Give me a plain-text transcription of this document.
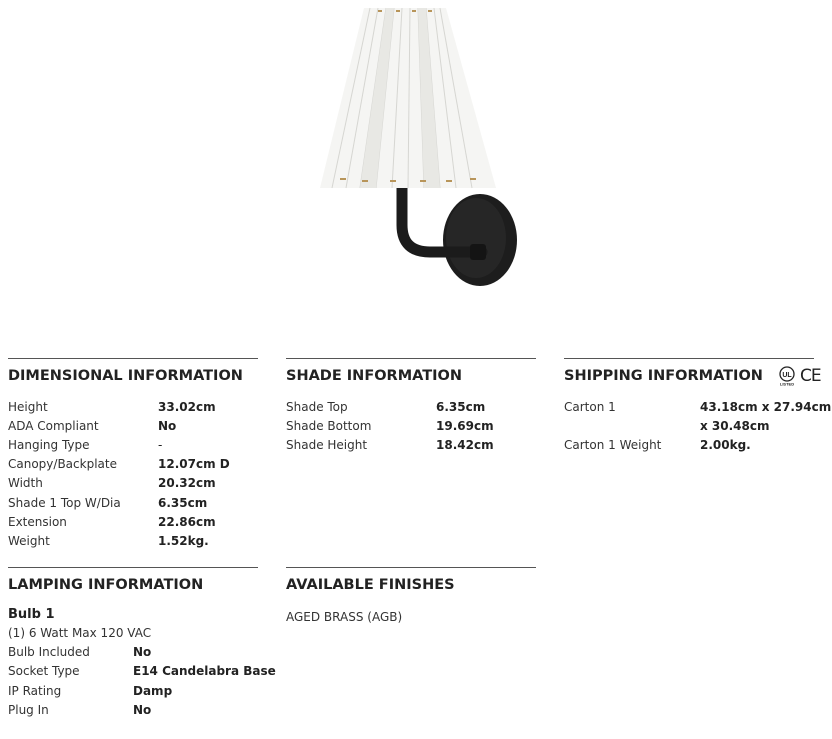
DIMENSIONAL INFORMATION
Height	33.02cm
ADA Compliant	No
Hanging Type	-
Canopy/Backplate	12.07cm D
Width	20.32cm
Shade 1 Top W/Dia	6.35cm
Extension	22.86cm
Weight	1.52kg.
SHADE INFORMATION
Shade Top	6.35cm
Shade Bottom	19.69cm
Shade Height	18.42cm
SHIPPING INFORMATION	UL
LISTED CE
Carton 1	43.18cm x 27.94cm
x 30.48cm
Carton 1 Weight	2.00kg.
LAMPING INFORMATION
Bulb 1
(1) 6 Watt Max 120 VAC
Bulb Included	No
Socket Type	E14 Candelabra Base
IP Rating	Damp
Plug In	No
AVAILABLE FINISHES
AGED BRASS (AGB)
